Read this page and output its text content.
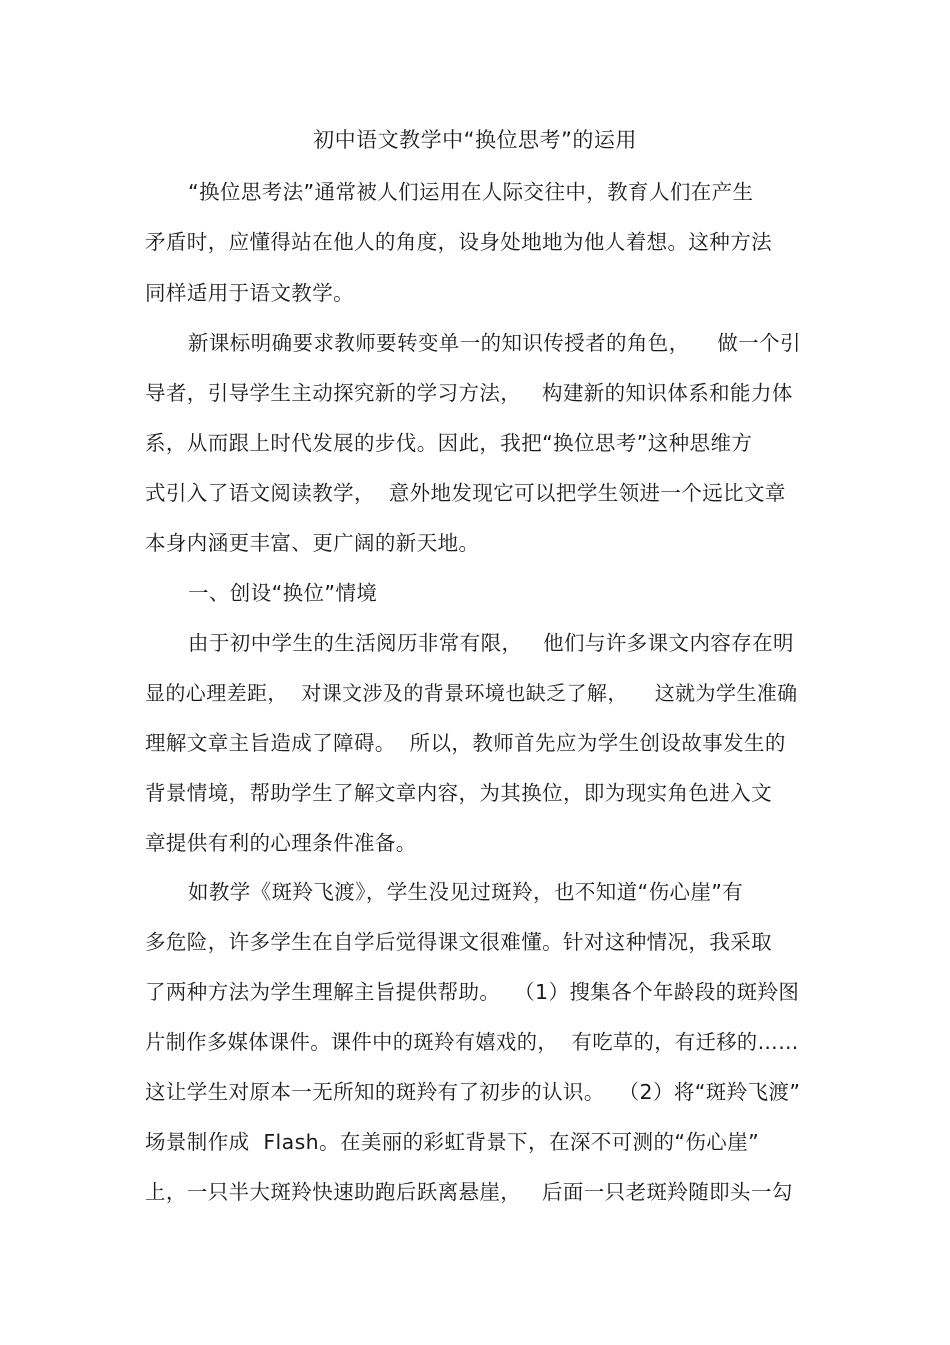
初中语文教学中“换位思考”的运用
“换位思考法”通常被人们运用在人际交往中，教育人们在产生
矛盾时，应懂得站在他人的角度，设身处地地为他人着想。这种方法
同样适用于语文教学。
新课标明确要求教师要转变单一的知识传授者的角色，    做一个引
导者，引导学生主动探究新的学习方法，   构建新的知识体系和能力体
系，从而跟上时代发展的步伐。因此，我把“换位思考”这种思维方
式引入了语文阅读教学，  意外地发现它可以把学生领进一个远比文章
本身内涵更丰富、更广阔的新天地。
一、创设“换位”情境
由于初中学生的生活阅历非常有限，   他们与许多课文内容存在明
显的心理差距，  对课文涉及的背景环境也缺乏了解，    这就为学生准确
理解文章主旨造成了障碍。  所以，教师首先应为学生创设故事发生的
背景情境，帮助学生了解文章内容，为其换位，即为现实角色进入文
章提供有利的心理条件准备。
如教学《斑羚飞渡》，学生没见过斑羚，也不知道“伤心崖”有
多危险，许多学生在自学后觉得课文很难懂。针对这种情况，我采取
了两种方法为学生理解主旨提供帮助。  （1）搜集各个年龄段的斑羚图
片制作多媒体课件。课件中的斑羚有嬉戏的，  有吃草的，有迁移的……
这让学生对原本一无所知的斑羚有了初步的认识。  （2）将“斑羚飞渡”
场景制作成  Flash。在美丽的彩虹背景下，在深不可测的“伤心崖”
上，一只半大斑羚快速助跑后跃离悬崖，   后面一只老斑羚随即头一勾
